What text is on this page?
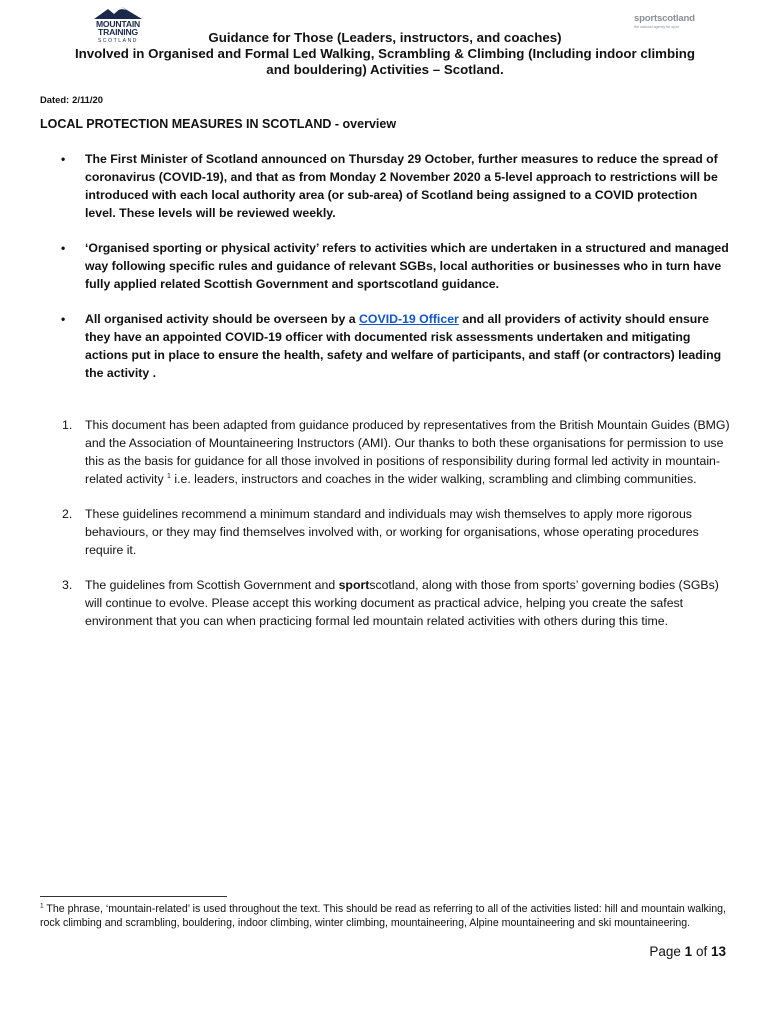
MOUNTAIN
TRAINING
SCOTLAND
sportscotland
the national agency for sport
Guidance for Those (Leaders, instructors, and coaches)
Involved in Organised and Formal Led Walking, Scrambling & Climbing (Including indoor climbing
and bouldering) Activities – Scotland.
Dated: 2/11/20
LOCAL PROTECTION MEASURES IN SCOTLAND - overview
• The First Minister of Scotland announced on Thursday 29 October, further measures to reduce the spread of coronavirus (COVID-19), and that as from Monday 2 November 2020 a 5-level approach to restrictions will be introduced with each local authority area (or sub-area) of Scotland being assigned to a COVID protection level. These levels will be reviewed weekly.
• ‘Organised sporting or physical activity’ refers to activities which are undertaken in a structured and managed way following specific rules and guidance of relevant SGBs, local authorities or businesses who in turn have fully applied related Scottish Government and sportscotland guidance.
• All organised activity should be overseen by a COVID-19 Officer and all providers of activity should ensure they have an appointed COVID-19 officer with documented risk assessments undertaken and mitigating actions put in place to ensure the health, safety and welfare of participants, and staff (or contractors) leading the activity .
1. This document has been adapted from guidance produced by representatives from the British Mountain Guides (BMG) and the Association of Mountaineering Instructors (AMI). Our thanks to both these organisations for permission to use this as the basis for guidance for all those involved in positions of responsibility during formal led activity in mountain-related activity $^1$ i.e. leaders, instructors and coaches in the wider walking, scrambling and climbing communities.
2. These guidelines recommend a minimum standard and individuals may wish themselves to apply more rigorous behaviours, or they may find themselves involved with, or working for organisations, whose operating procedures require it.
3. The guidelines from Scottish Government and sportscotland, along with those from sports’ governing bodies (SGBs) will continue to evolve. Please accept this working document as practical advice, helping you create the safest environment that you can when practicing formal led mountain related activities with others during this time.
$^1$ The phrase, ‘mountain-related’ is used throughout the text. This should be read as referring to all of the activities listed: hill and mountain walking, rock climbing and scrambling, bouldering, indoor climbing, winter climbing, mountaineering, Alpine mountaineering and ski mountaineering.
Page 1 of 13
